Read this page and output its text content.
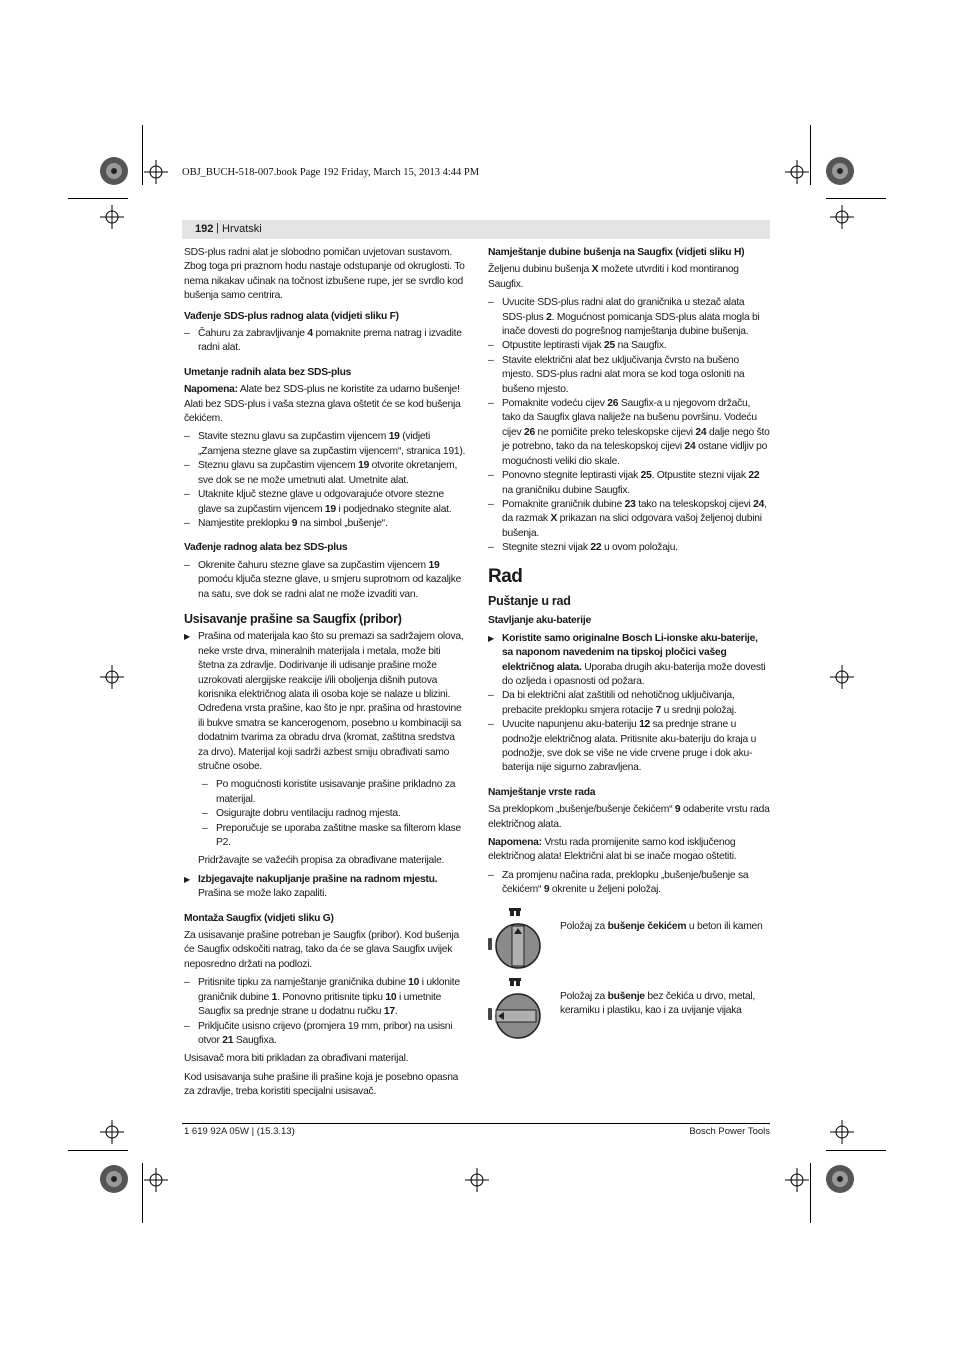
OBJ_BUCH-518-007.book Page 192 Friday, March 15, 2013 4:44 PM
192 | Hrvatski

SDS-plus radni alat je slobodno pomičan uvjetovan sustavom. Zbog toga pri praznom hodu nastaje odstupanje od okruglosti. To nema nikakav učinak na točnost izbušene rupe, jer se svrdlo kod bušenja samo centrira.

Vađenje SDS-plus radnog alata (vidjeti sliku F)
– Čahuru za zabravljivanje 4 pomaknite prema natrag i izvadite radni alat.
Umetanje radnih alata bez SDS-plus

Napomena: Alate bez SDS-plus ne koristite za udarno bušenje! Alati bez SDS-plus i vaša stezna glava oštetit će se kod bušenja čekićem.

– Stavite steznu glavu sa zupčastim vijencem 19 (vidjeti „Zamjena stezne glave sa zupčastim vijencem“, stranica 191).
– Steznu glavu sa zupčastim vijencem 19 otvorite okretanjem, sve dok se ne može umetnuti alat. Umetnite alat.
– Utaknite ključ stezne glave u odgovarajuće otvore stezne glave sa zupčastim vijencem 19 i podjednako stegnite alat.
– Namjestite preklopku 9 na simbol „bušenje“.
Vađenje radnog alata bez SDS-plus
– Okrenite čahuru stezne glave sa zupčastim vijencem 19 pomoću ključa stezne glave, u smjeru suprotnom od kazaljke na satu, sve dok se radni alat ne može izvaditi van.
Usisavanje prašine sa Saugfix (pribor)
▶ Prašina od materijala kao što su premazi sa sadržajem olova, neke vrste drva, mineralnih materijala i metala, može biti štetna za zdravlje. Dodirivanje ili udisanje prašine može uzrokovati alergijske reakcije i/ili oboljenja dišnih putova korisnika električnog alata ili osoba koje se nalaze u blizini.

Određena vrsta prašine, kao što je npr. prašina od hrastovine ili bukve smatra se kancerogenom, posebno u kombinaciji sa dodatnim tvarima za obradu drva (kromat, zaštitna sredstva za drvo). Materijal koji sadrži azbest smiju obrađivati samo stručne osobe.

– Po mogućnosti koristite usisavanje prašine prikladno za materijal.
– Osigurajte dobru ventilaciju radnog mjesta.
– Preporučuje se uporaba zaštitne maske sa filterom klase P2.

Pridržavajte se važećih propisa za obrađivane materijale.

▶ Izbjegavajte nakupljanje prašine na radnom mjestu.
Prašina se može lako zapaliti.
Montaža Saugfix (vidjeti sliku G)

Za usisavanje prašine potreban je Saugfix (pribor). Kod bušenja će Saugfix odskočiti natrag, tako da će se glava Saugfix uvijek neposredno držati na podlozi.

– Pritisnite tipku za namještanje graničnika dubine 10 i uklonite graničnik dubine 1. Ponovno pritisnite tipku 10 i umetnite Saugfix sa prednje strane u dodatnu ručku 17.
– Priključite usisno crijevo (promjera 19 mm, pribor) na usisni otvor 21 Saugfixa.

Usisavač mora biti prikladan za obrađivani materijal.

Kod usisavanja suhe prašine ili prašine koja je posebno opasna za zdravlje, treba koristiti specijalni usisavač.

Namještanje dubine bušenja na Saugfix (vidjeti sliku H)

Željenu dubinu bušenja X možete utvrditi i kod montiranog Saugfix.

– Uvucite SDS-plus radni alat do graničnika u stezač alata SDS-plus 2. Mogućnost pomicanja SDS-plus alata mogla bi inače dovesti do pogrešnog namještanja dubine bušenja.
– Otpustite leptirasti vijak 25 na Saugfix.
– Stavite električni alat bez uključivanja čvrsto na bušeno mjesto. SDS-plus radni alat mora se kod toga osloniti na bušeno mjesto.
– Pomaknite vodeću cijev 26 Saugfix-a u njegovom držaču, tako da Saugfix glava naliježe na bušenu površinu. Vodeću cijev 26 ne pomičite preko teleskopske cijevi 24 dalje nego što je potrebno, tako da na teleskopskoj cijevi 24 ostane vidljiv po mogućnosti veliki dio skale.
– Ponovno stegnite leptirasti vijak 25. Otpustite stezni vijak 22 na graničniku dubine Saugfix.
– Pomaknite graničnik dubine 23 tako na teleskopskoj cijevi 24, da razmak X prikazan na slici odgovara vašoj željenoj dubini bušenja.
– Stegnite stezni vijak 22 u ovom položaju.
Rad
Puštanje u rad
Stavljanje aku-baterije
▶ Koristite samo originalne Bosch Li-ionske aku-baterije, sa naponom navedenim na tipskoj pločici vašeg električnog alata. Uporaba drugih aku-baterija može dovesti do ozljeda i opasnosti od požara.
– Da bi električni alat zaštitili od nehotičnog uključivanja, prebacite preklopku smjera rotacije 7 u srednji položaj.
– Uvucite napunjenu aku-bateriju 12 sa prednje strane u podnožje električnog alata. Pritisnite aku-bateriju do kraja u podnožje, sve dok se više ne vide crvene pruge i dok aku-baterija nije sigurno zabravljena.
Namještanje vrste rada

Sa preklopkom „bušenje/bušenje čekićem“ 9 odaberite vrstu rada električnog alata.

Napomena: Vrstu rada promijenite samo kod isključenog električnog alata! Električni alat bi se inače mogao oštetiti.

– Za promjenu načina rada, preklopku „bušenje/bušenje sa čekićem“ 9 okrenite u željeni položaj.
Položaj za bušenje čekićem u beton ili kamen
Položaj za bušenje bez čekića u drvo, metal, keramiku i plastiku, kao i za uvijanje vijaka
1 619 92A 05W | (15.3.13)	Bosch Power Tools
